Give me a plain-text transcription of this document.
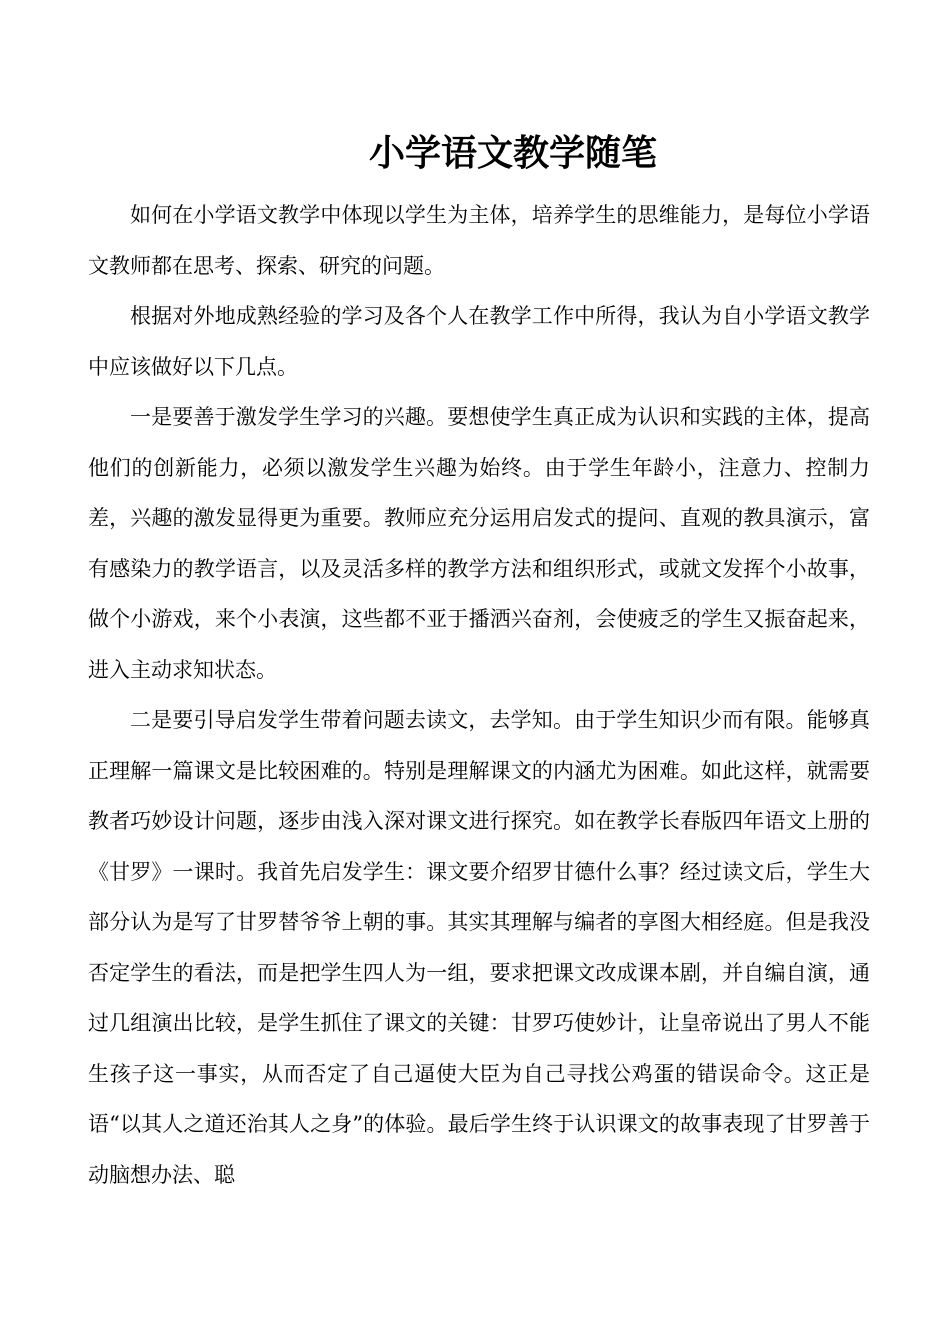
小学语文教学随笔

如何在小学语文教学中体现以学生为主体，培养学生的思维能力，是每位小学语文教师都在思考、探索、研究的问题。

根据对外地成熟经验的学习及各个人在教学工作中所得，我认为自小学语文教学中应该做好以下几点。

一是要善于激发学生学习的兴趣。要想使学生真正成为认识和实践的主体，提高他们的创新能力，必须以激发学生兴趣为始终。由于学生年龄小，注意力、控制力差，兴趣的激发显得更为重要。教师应充分运用启发式的提问、直观的教具演示，富有感染力的教学语言，以及灵活多样的教学方法和组织形式，或就文发挥个小故事，做个小游戏，来个小表演，这些都不亚于播洒兴奋剂，会使疲乏的学生又振奋起来，进入主动求知状态。

二是要引导启发学生带着问题去读文，去学知。由于学生知识少而有限。能够真正理解一篇课文是比较困难的。特别是理解课文的内涵尤为困难。如此这样，就需要教者巧妙设计问题，逐步由浅入深对课文进行探究。如在教学长春版四年语文上册的《甘罗》一课时。我首先启发学生：课文要介绍罗甘德什么事？经过读文后，学生大部分认为是写了甘罗替爷爷上朝的事。其实其理解与编者的享图大相经庭。但是我没否定学生的看法，而是把学生四人为一组，要求把课文改成课本剧，并自编自演，通过几组演出比较，是学生抓住了课文的关键：甘罗巧使妙计，让皇帝说出了男人不能生孩子这一事实，从而否定了自己逼使大臣为自己寻找公鸡蛋的错误命令。这正是语“以其人之道还治其人之身”的体验。最后学生终于认识课文的故事表现了甘罗善于动脑想办法、聪
